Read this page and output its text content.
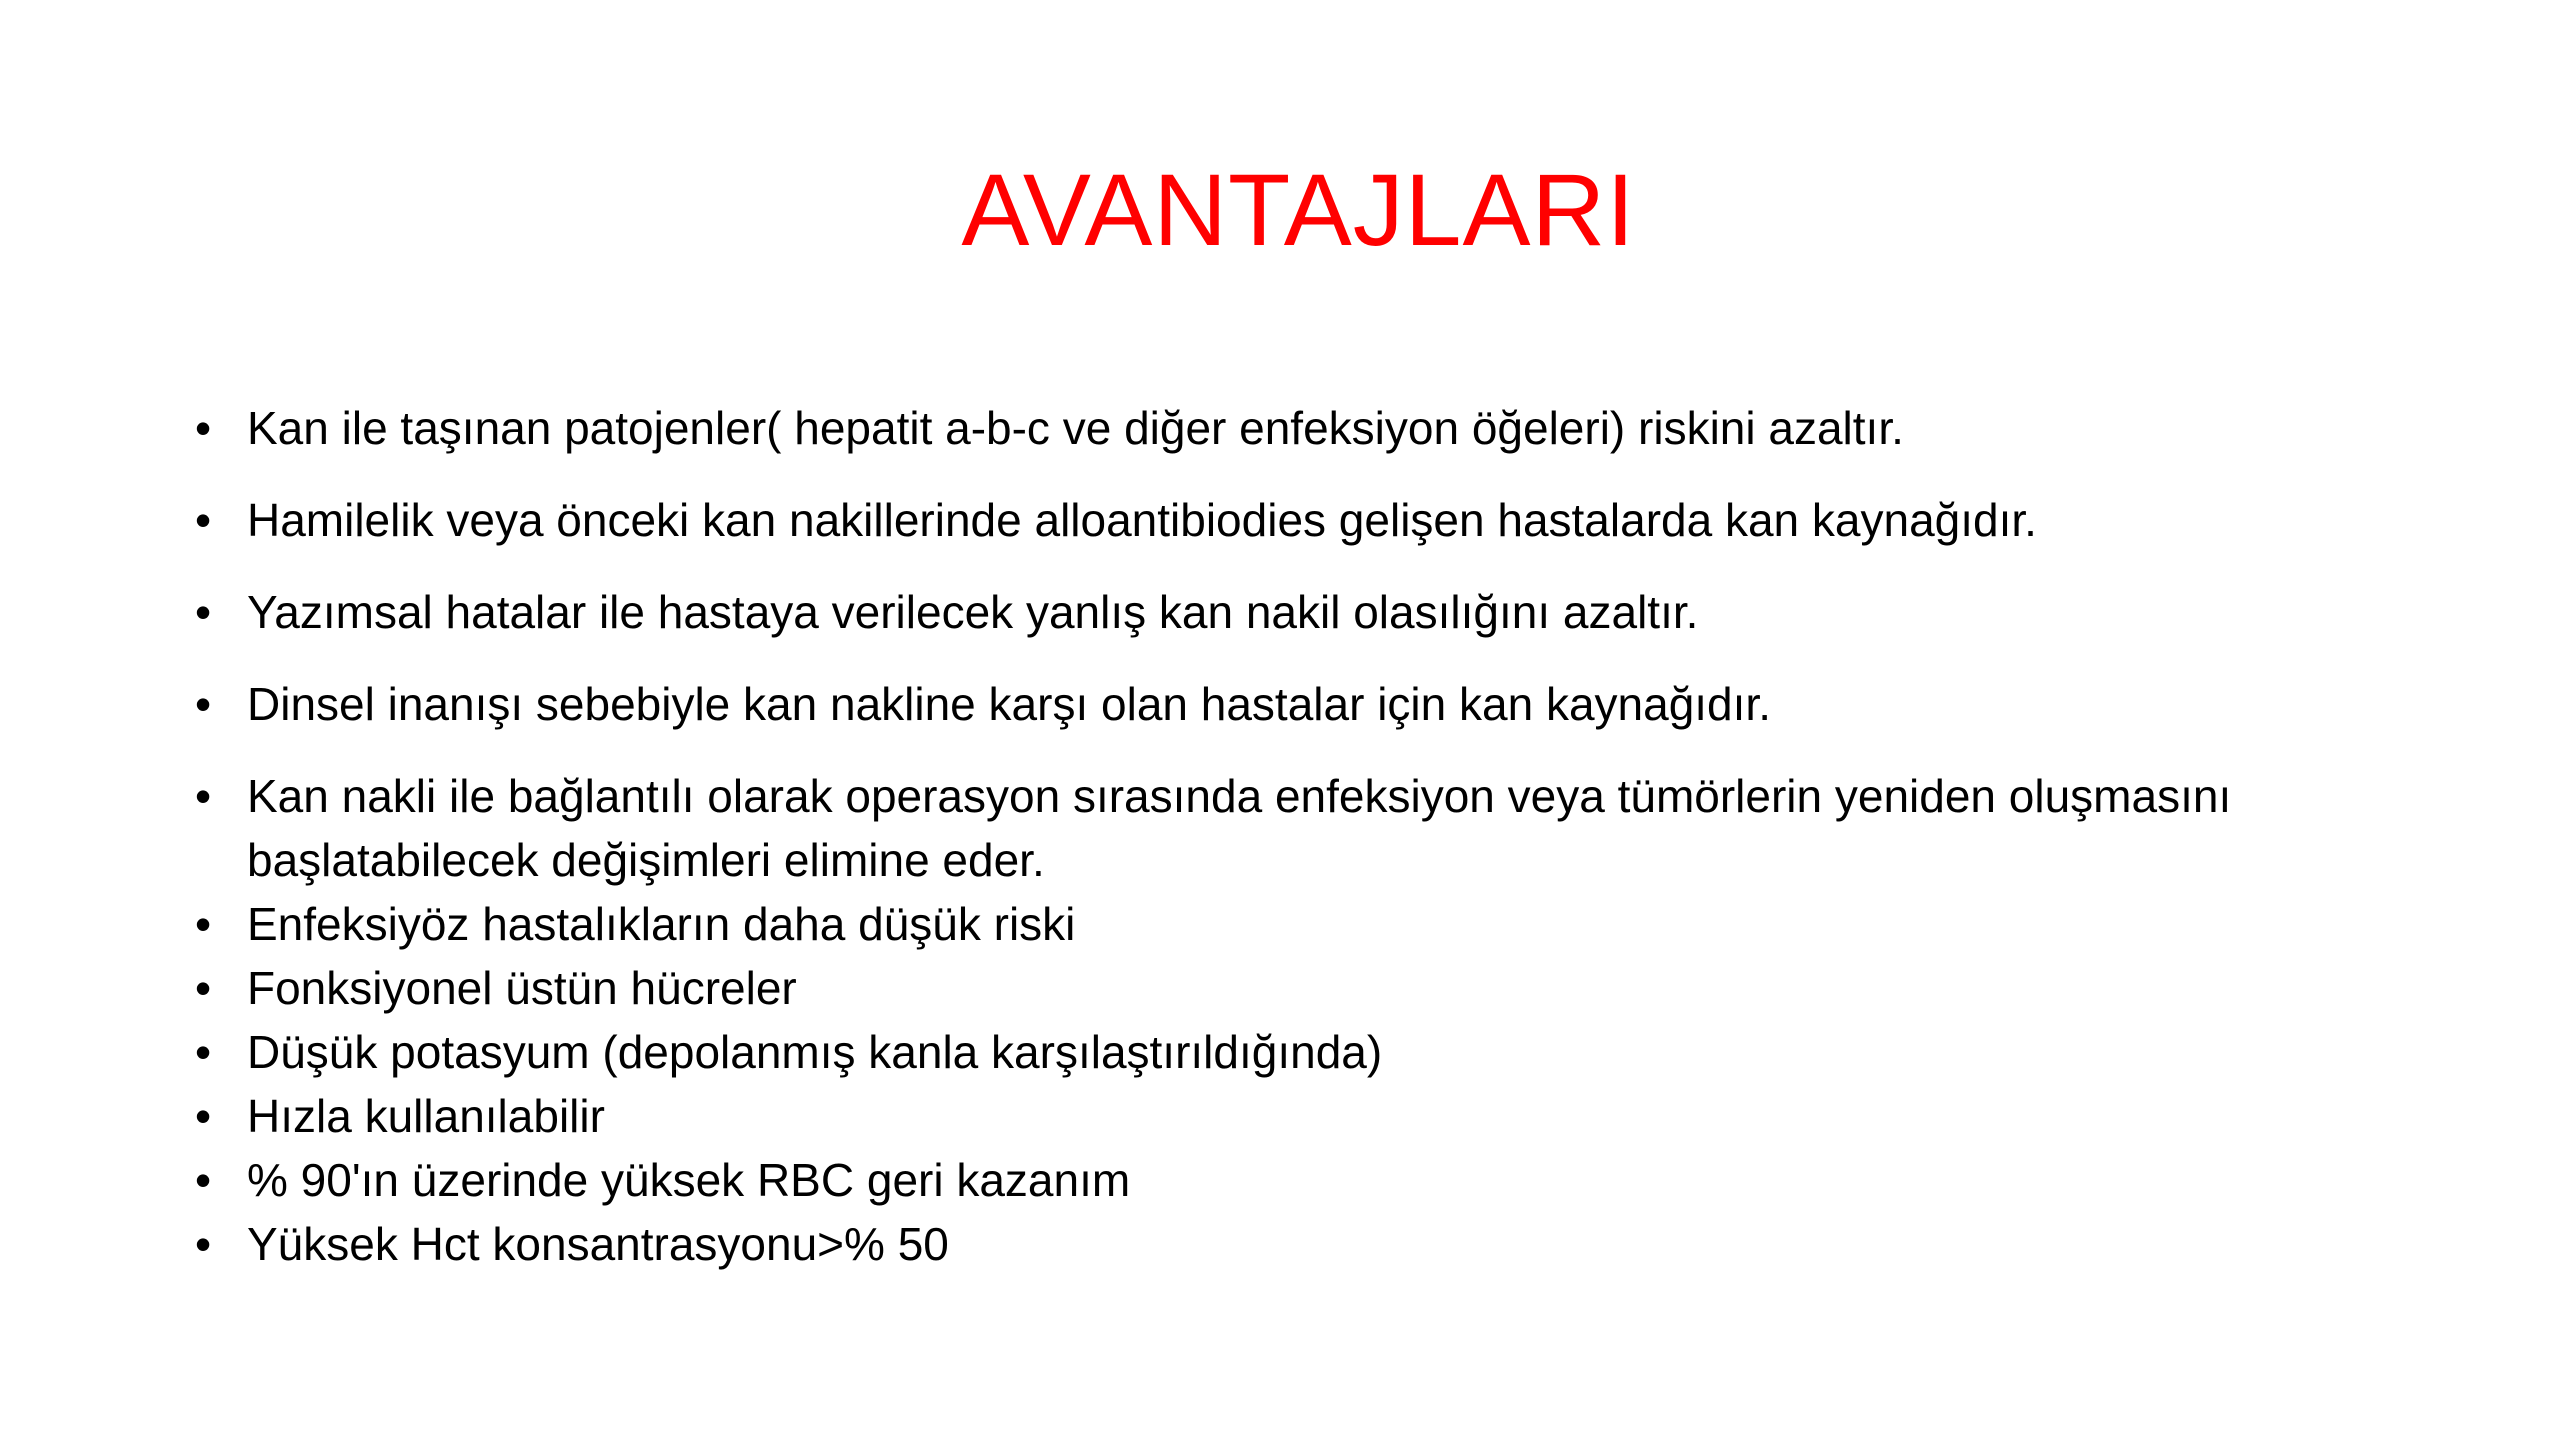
AVANTAJLARI
• Kan ile taşınan patojenler( hepatit a-b-c ve diğer enfeksiyon öğeleri) riskini azaltır.
• Hamilelik veya önceki kan nakillerinde alloantibiodies gelişen hastalarda kan kaynağıdır.
• Yazımsal hatalar ile hastaya verilecek yanlış kan nakil olasılığını azaltır.
• Dinsel inanışı sebebiyle kan nakline karşı olan hastalar için kan kaynağıdır.
• Kan nakli ile bağlantılı olarak operasyon sırasında enfeksiyon veya tümörlerin yeniden oluşmasını başlatabilecek değişimleri elimine eder.
• Enfeksiyöz hastalıkların daha düşük riski
• Fonksiyonel üstün hücreler
• Düşük potasyum (depolanmış kanla karşılaştırıldığında)
• Hızla kullanılabilir
• % 90'ın üzerinde yüksek RBC geri kazanım
• Yüksek Hct konsantrasyonu>% 50
